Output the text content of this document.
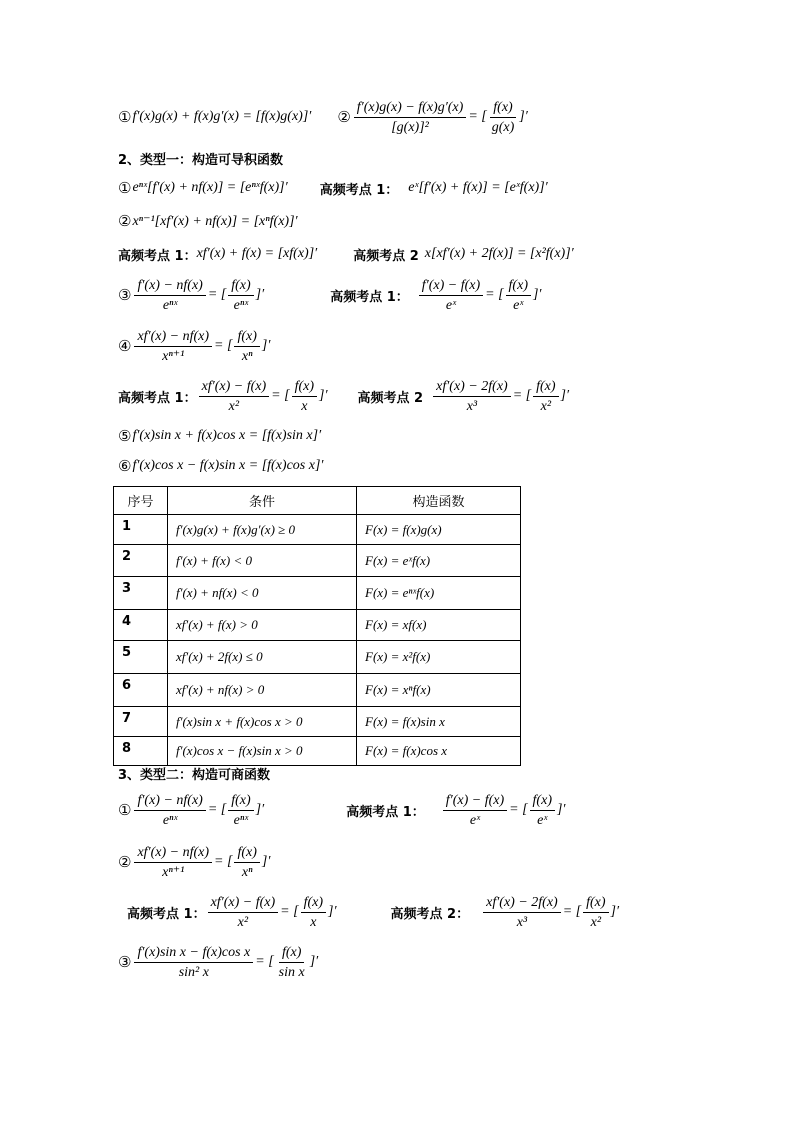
① f′(x)g(x) + f(x)g′(x) = [f(x)g(x)]′ ② $\frac{f'(x)g(x) - f(x)g'(x)}{\text{[g(x)]²}}$ = [ $\frac{f(x)}{g(x)}$ ]′
2、类型一：构造可导积函数
① eⁿˣ[f′(x) + nf(x)] = [eⁿˣf(x)]′ 高频考点 1： eˣ[f′(x) + f(x)] = [eˣf(x)]′
② xⁿ⁻¹[xf′(x) + nf(x)] = [xⁿf(x)]′
高频考点 1： xf′(x) + f(x) = [xf(x)]′	高频考点 2 x[xf′(x) + 2f(x)] = [x²f(x)]′
③ $\frac{f'(x) - nf(x)}{\text{eⁿˣ}}$ = [ $\frac{f(x)}{\text{eⁿˣ}}$ ]′	高频考点 1： $\frac{f'(x) - f(x)}{\text{eˣ}}$ = [ $\frac{f(x)}{\text{eˣ}}$ ]′
④ $\frac{xf'(x) - nf(x)}{\text{xⁿ⁺¹}}$ = [ $\frac{f(x)}{\text{xⁿ}}$ ]′
高频考点 1： $\frac{xf'(x) - f(x)}{\text{x²}}$ = [ $\frac{f(x)}{x}$ ]′ 高频考点 $2 \frac{xf'(x) - 2f(x)}{\text{x³}}$ = [ $\frac{f(x)}{\text{x²}}$ ]′
⑤ f′(x)sin x + f(x)cos x = [f(x)sin x]′
⑥ f′(x)cos x − f(x)sin x = [f(x)cos x]′
序号	条件	构造函数
1	f′(x)g(x) + f(x)g′(x) ≥ 0	F(x) = f(x)g(x)
2	f′(x) + f(x) < 0	F(x) = eˣf(x)
3	f′(x) + nf(x) < 0	F(x) = eⁿˣf(x)
4	xf′(x) + f(x) > 0	F(x) = xf(x)
5	xf′(x) + 2f(x) ≤ 0	F(x) = x²f(x)
6	xf′(x) + nf(x) > 0	F(x) = xⁿf(x)
7	f′(x)sin x + f(x)cos x > 0	F(x) = f(x)sin x
8	f′(x)cos x − f(x)sin x > 0	F(x) = f(x)cos x
3、类型二：构造可商函数
① $\frac{f'(x) - nf(x)}{\text{eⁿˣ}}$ = [ $\frac{f(x)}{\text{eⁿˣ}}$ ]′	高频考点 1： $\frac{f'(x) - f(x)}{\text{eˣ}}$ = [ $\frac{f(x)}{\text{eˣ}}$ ]′
② $\frac{xf'(x) - nf(x)}{\text{xⁿ⁺¹}}$ = [ $\frac{f(x)}{\text{xⁿ}}$ ]′
高频考点 1： $\frac{xf'(x) - f(x)}{\text{x²}}$ = [ $\frac{f(x)}{x}$ ]′	高频考点 2： $\frac{xf'(x) - 2f(x)}{\text{x³}}$ = [ $\frac{f(x)}{\text{x²}}$ ]′
③ $\frac{\text{f′(x)sin x − f(x)cos x}}{\text{sin² x}}$ = [ $\frac{f(x)}{\text{sin x}}$ ]′
